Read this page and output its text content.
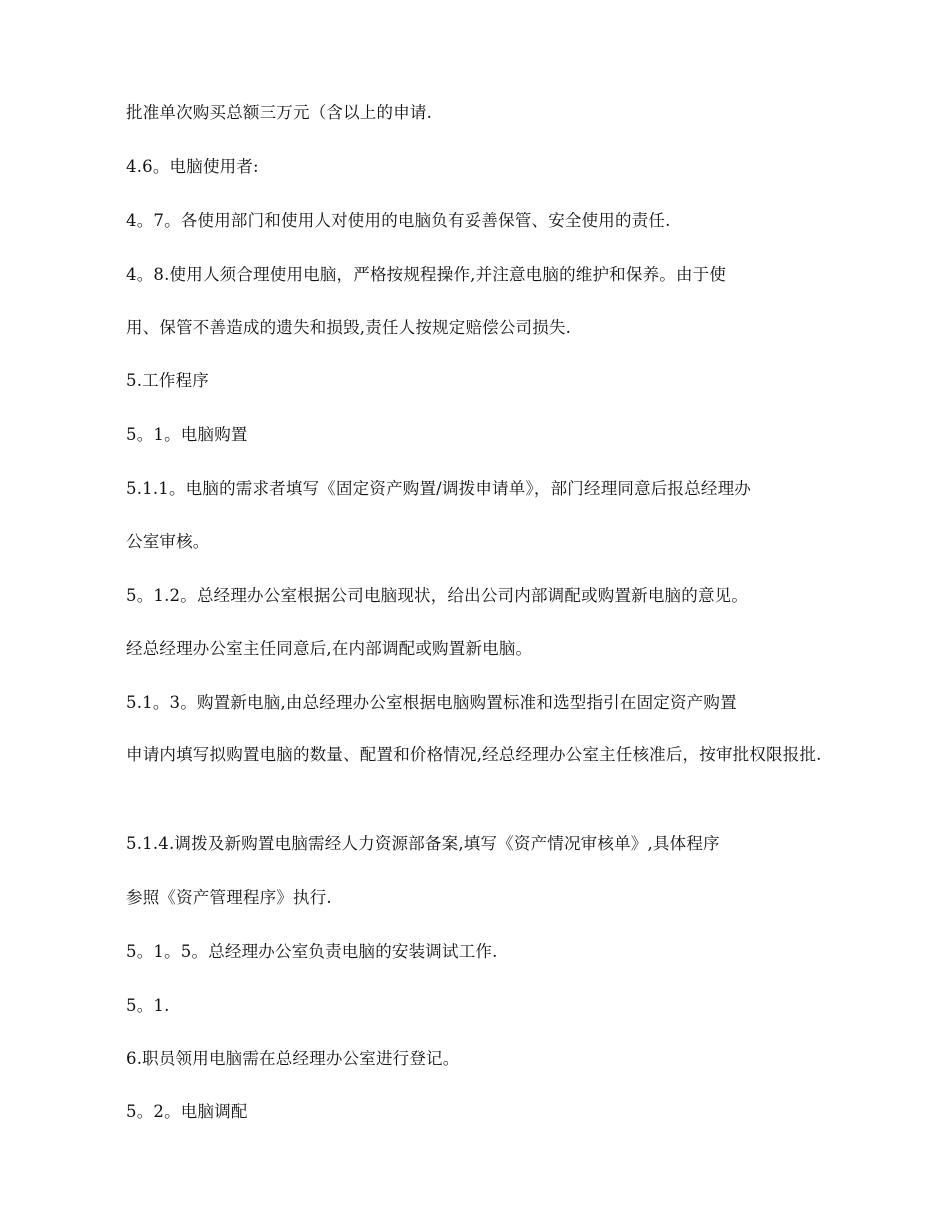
批准单次购买总额三万元（含以上的申请.
4.6。电脑使用者:
4。7。各使用部门和使用人对使用的电脑负有妥善保管、安全使用的责任.
4。8.使用人须合理使用电脑，严格按规程操作,并注意电脑的维护和保养。由于使
用、保管不善造成的遗失和损毁,责任人按规定赔偿公司损失.
5.工作程序
5。1。电脑购置
5.1.1。电脑的需求者填写《固定资产购置/调拨申请单》，部门经理同意后报总经理办
公室审核。
5。1.2。总经理办公室根据公司电脑现状，给出公司内部调配或购置新电脑的意见。
经总经理办公室主任同意后,在内部调配或购置新电脑。
5.1。3。购置新电脑,由总经理办公室根据电脑购置标准和选型指引在固定资产购置
申请内填写拟购置电脑的数量、配置和价格情况,经总经理办公室主任核准后，按审批权限报批.
5.1.4.调拨及新购置电脑需经人力资源部备案,填写《资产情况审核单》,具体程序
参照《资产管理程序》执行.
5。1。5。总经理办公室负责电脑的安装调试工作.
5。1.
6.职员领用电脑需在总经理办公室进行登记。
5。2。电脑调配
